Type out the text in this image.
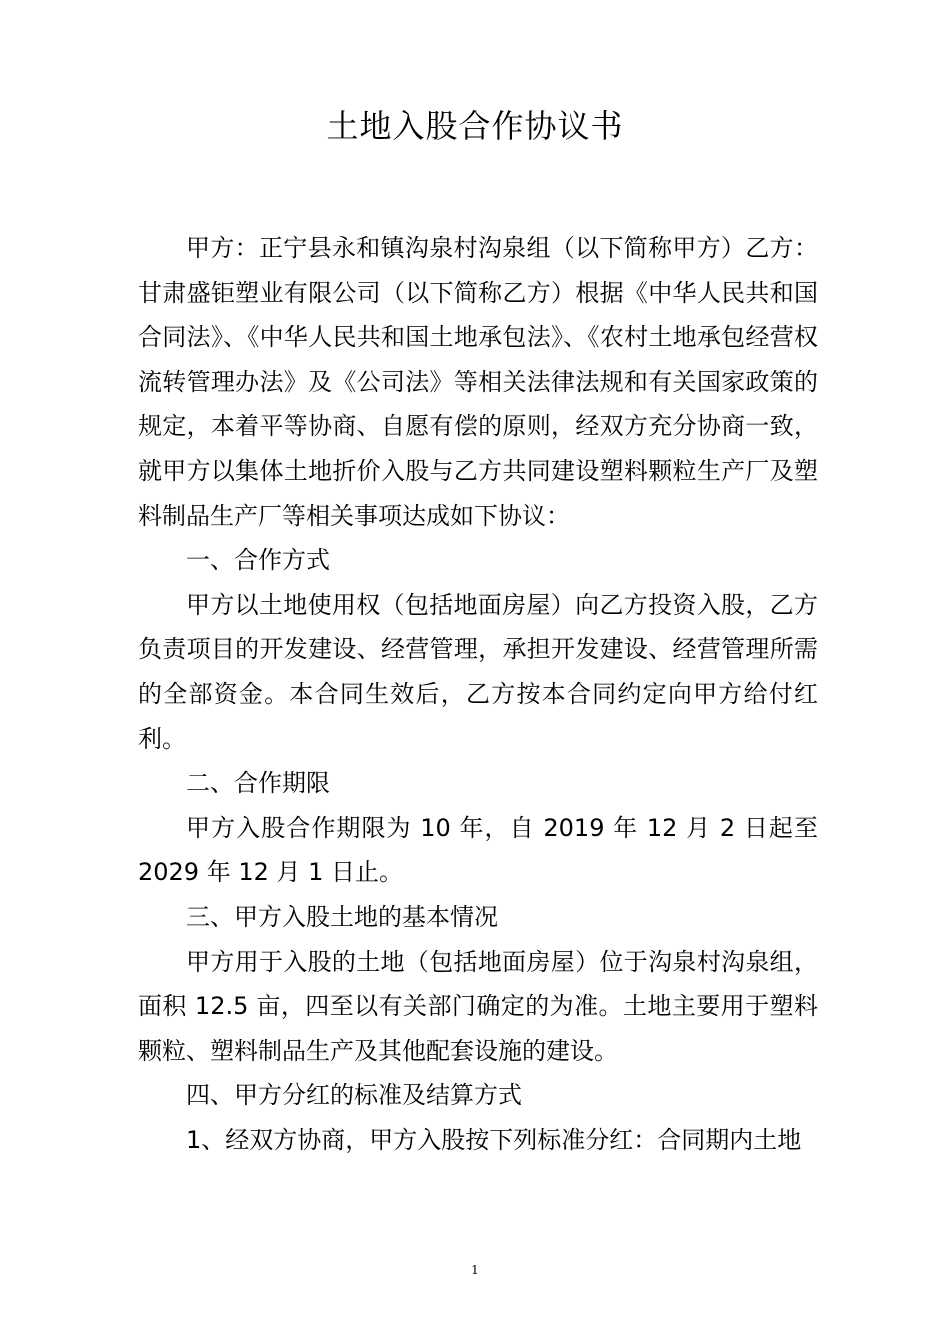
土地入股合作协议书

甲方：正宁县永和镇沟泉村沟泉组（以下简称甲方）乙方：甘肃盛钜塑业有限公司（以下简称乙方）根据《中华人民共和国合同法》、《中华人民共和国土地承包法》、《农村土地承包经营权流转管理办法》及《公司法》等相关法律法规和有关国家政策的规定，本着平等协商、自愿有偿的原则，经双方充分协商一致，就甲方以集体土地折价入股与乙方共同建设塑料颗粒生产厂及塑料制品生产厂等相关事项达成如下协议：

一、合作方式

甲方以土地使用权（包括地面房屋）向乙方投资入股，乙方负责项目的开发建设、经营管理，承担开发建设、经营管理所需的全部资金。本合同生效后，乙方按本合同约定向甲方给付红利。

二、合作期限

甲方入股合作期限为 10 年，自 2019 年 12 月 2 日起至 2029 年 12 月 1 日止。

三、甲方入股土地的基本情况

甲方用于入股的土地（包括地面房屋）位于沟泉村沟泉组，面积 12.5 亩，四至以有关部门确定的为准。土地主要用于塑料颗粒、塑料制品生产及其他配套设施的建设。

四、甲方分红的标准及结算方式

1、经双方协商，甲方入股按下列标准分红：合同期内土地

1
